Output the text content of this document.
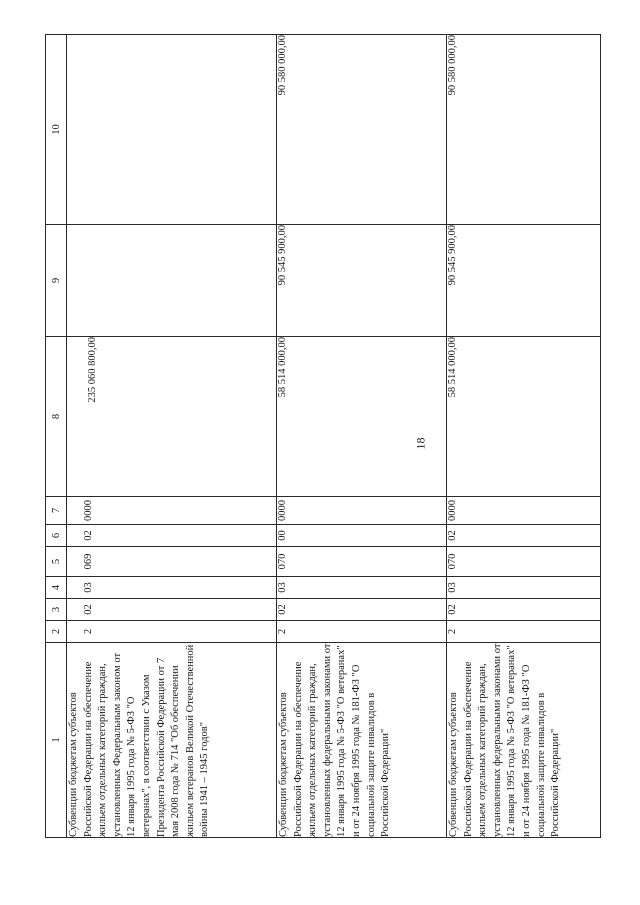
18
1	2	3	4	5	6	7	8	9	10
Субвенции бюджетам субъектов Российской Федерации на обеспечение жильем отдельных категорий граждан, установленных Федеральным законом от 12 января 1995 года № 5-ФЗ "О ветеранах", в соответствии с Указом Президента Российской Федерации от 7 мая 2008 года № 714 "Об обеспечении жильем ветеранов Великой Отечественной войны 1941 – 1945 годов"	2	02	03	069	02	0000	235 060 800,00		
Субвенции бюджетам субъектов Российской Федерации на обеспечение жильем отдельных категорий граждан, установленных федеральными законами от 12 января 1995 года № 5-ФЗ "О ветеранах" и от 24 ноября 1995 года № 181-ФЗ "О социальной защите инвалидов в Российской Федерации"	2	02	03	070	00	0000	58 514 000,00	90 545 900,00	90 580 000,00
Субвенции бюджетам субъектов Российской Федерации на обеспечение жильем отдельных категорий граждан, установленных федеральными законами от 12 января 1995 года № 5-ФЗ "О ветеранах" и от 24 ноября 1995 года № 181-ФЗ "О социальной защите инвалидов в Российской Федерации"	2	02	03	070	02	0000	58 514 000,00	90 545 900,00	90 580 000,00
